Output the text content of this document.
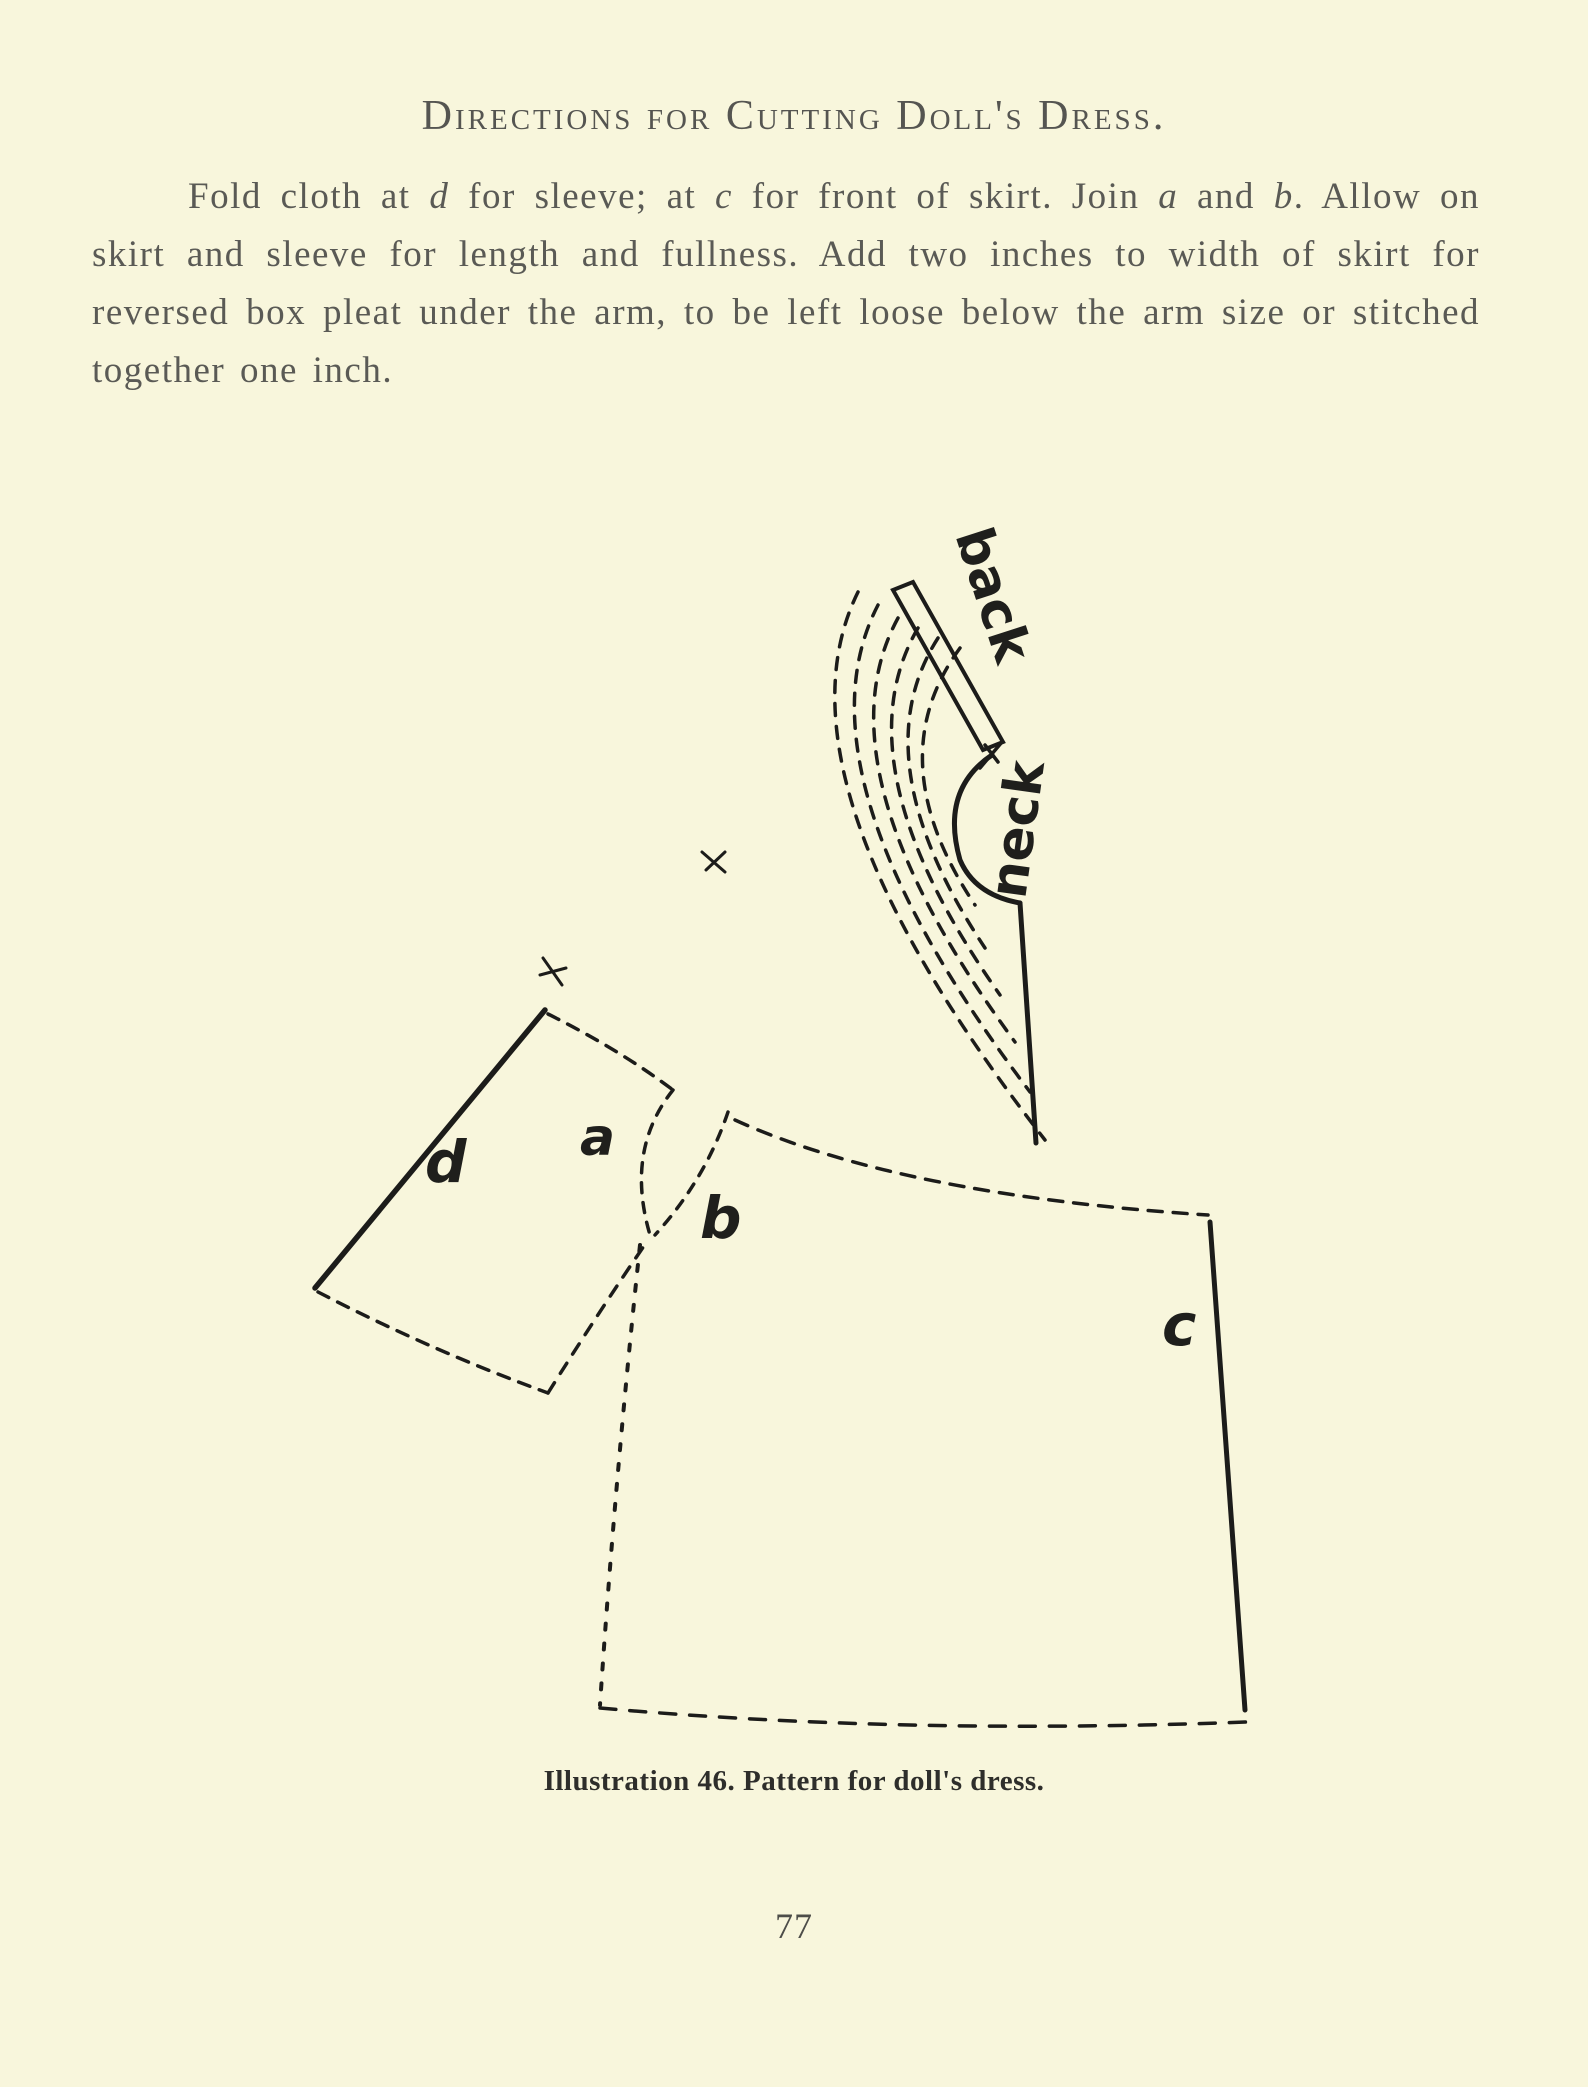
Directions for Cutting Doll's Dress.
Fold cloth at d for sleeve; at c for front of skirt. Join a and b. Allow on skirt and sleeve for length and fullness. Add two inches to width of skirt for reversed box pleat under the arm, to be left loose below the arm size or stitched together one inch.
back
neck
d a
b
c
Illustration 46. Pattern for doll's dress.
77
